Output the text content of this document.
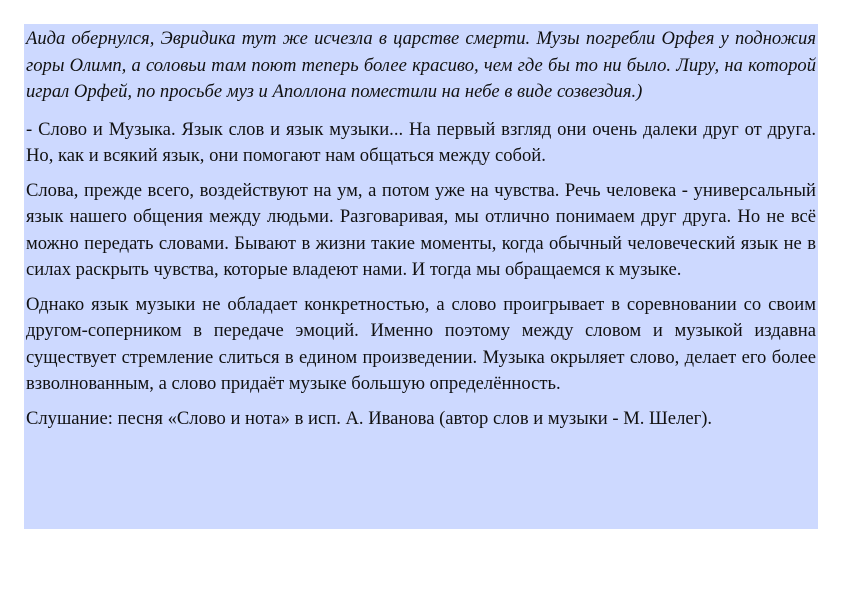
Аида обернулся, Эвридика тут же исчезла в царстве смерти. Музы погребли Орфея у подножия горы Олимп, а соловьи там поют теперь более красиво, чем где бы то ни было. Лиру, на которой играл Орфей, по просьбе муз и Аполлона поместили на небе в виде созвездия.)

- Слово и Музыка. Язык слов и язык музыки... На первый взгляд они очень далеки друг от друга. Но, как и всякий язык, они помогают нам общаться между собой.

Слова, прежде всего, воздействуют на ум, а потом уже на чувства. Речь человека - универсальный язык нашего общения между людьми. Разговаривая, мы отлично понимаем друг друга. Но не всё можно передать словами. Бывают в жизни такие моменты, когда обычный человеческий язык не в силах раскрыть чувства, которые владеют нами. И тогда мы обращаемся к музыке.

Однако язык музыки не обладает конкретностью, а слово проигрывает в соревновании со своим другом-соперником в передаче эмоций. Именно поэтому между словом и музыкой издавна существует стремление слиться в едином произведении. Музыка окрыляет слово, делает его более взволнованным, а слово придаёт музыке большую определённость.

Слушание: песня «Слово и нота» в исп. А. Иванова (автор слов и музыки - М. Шелег).
